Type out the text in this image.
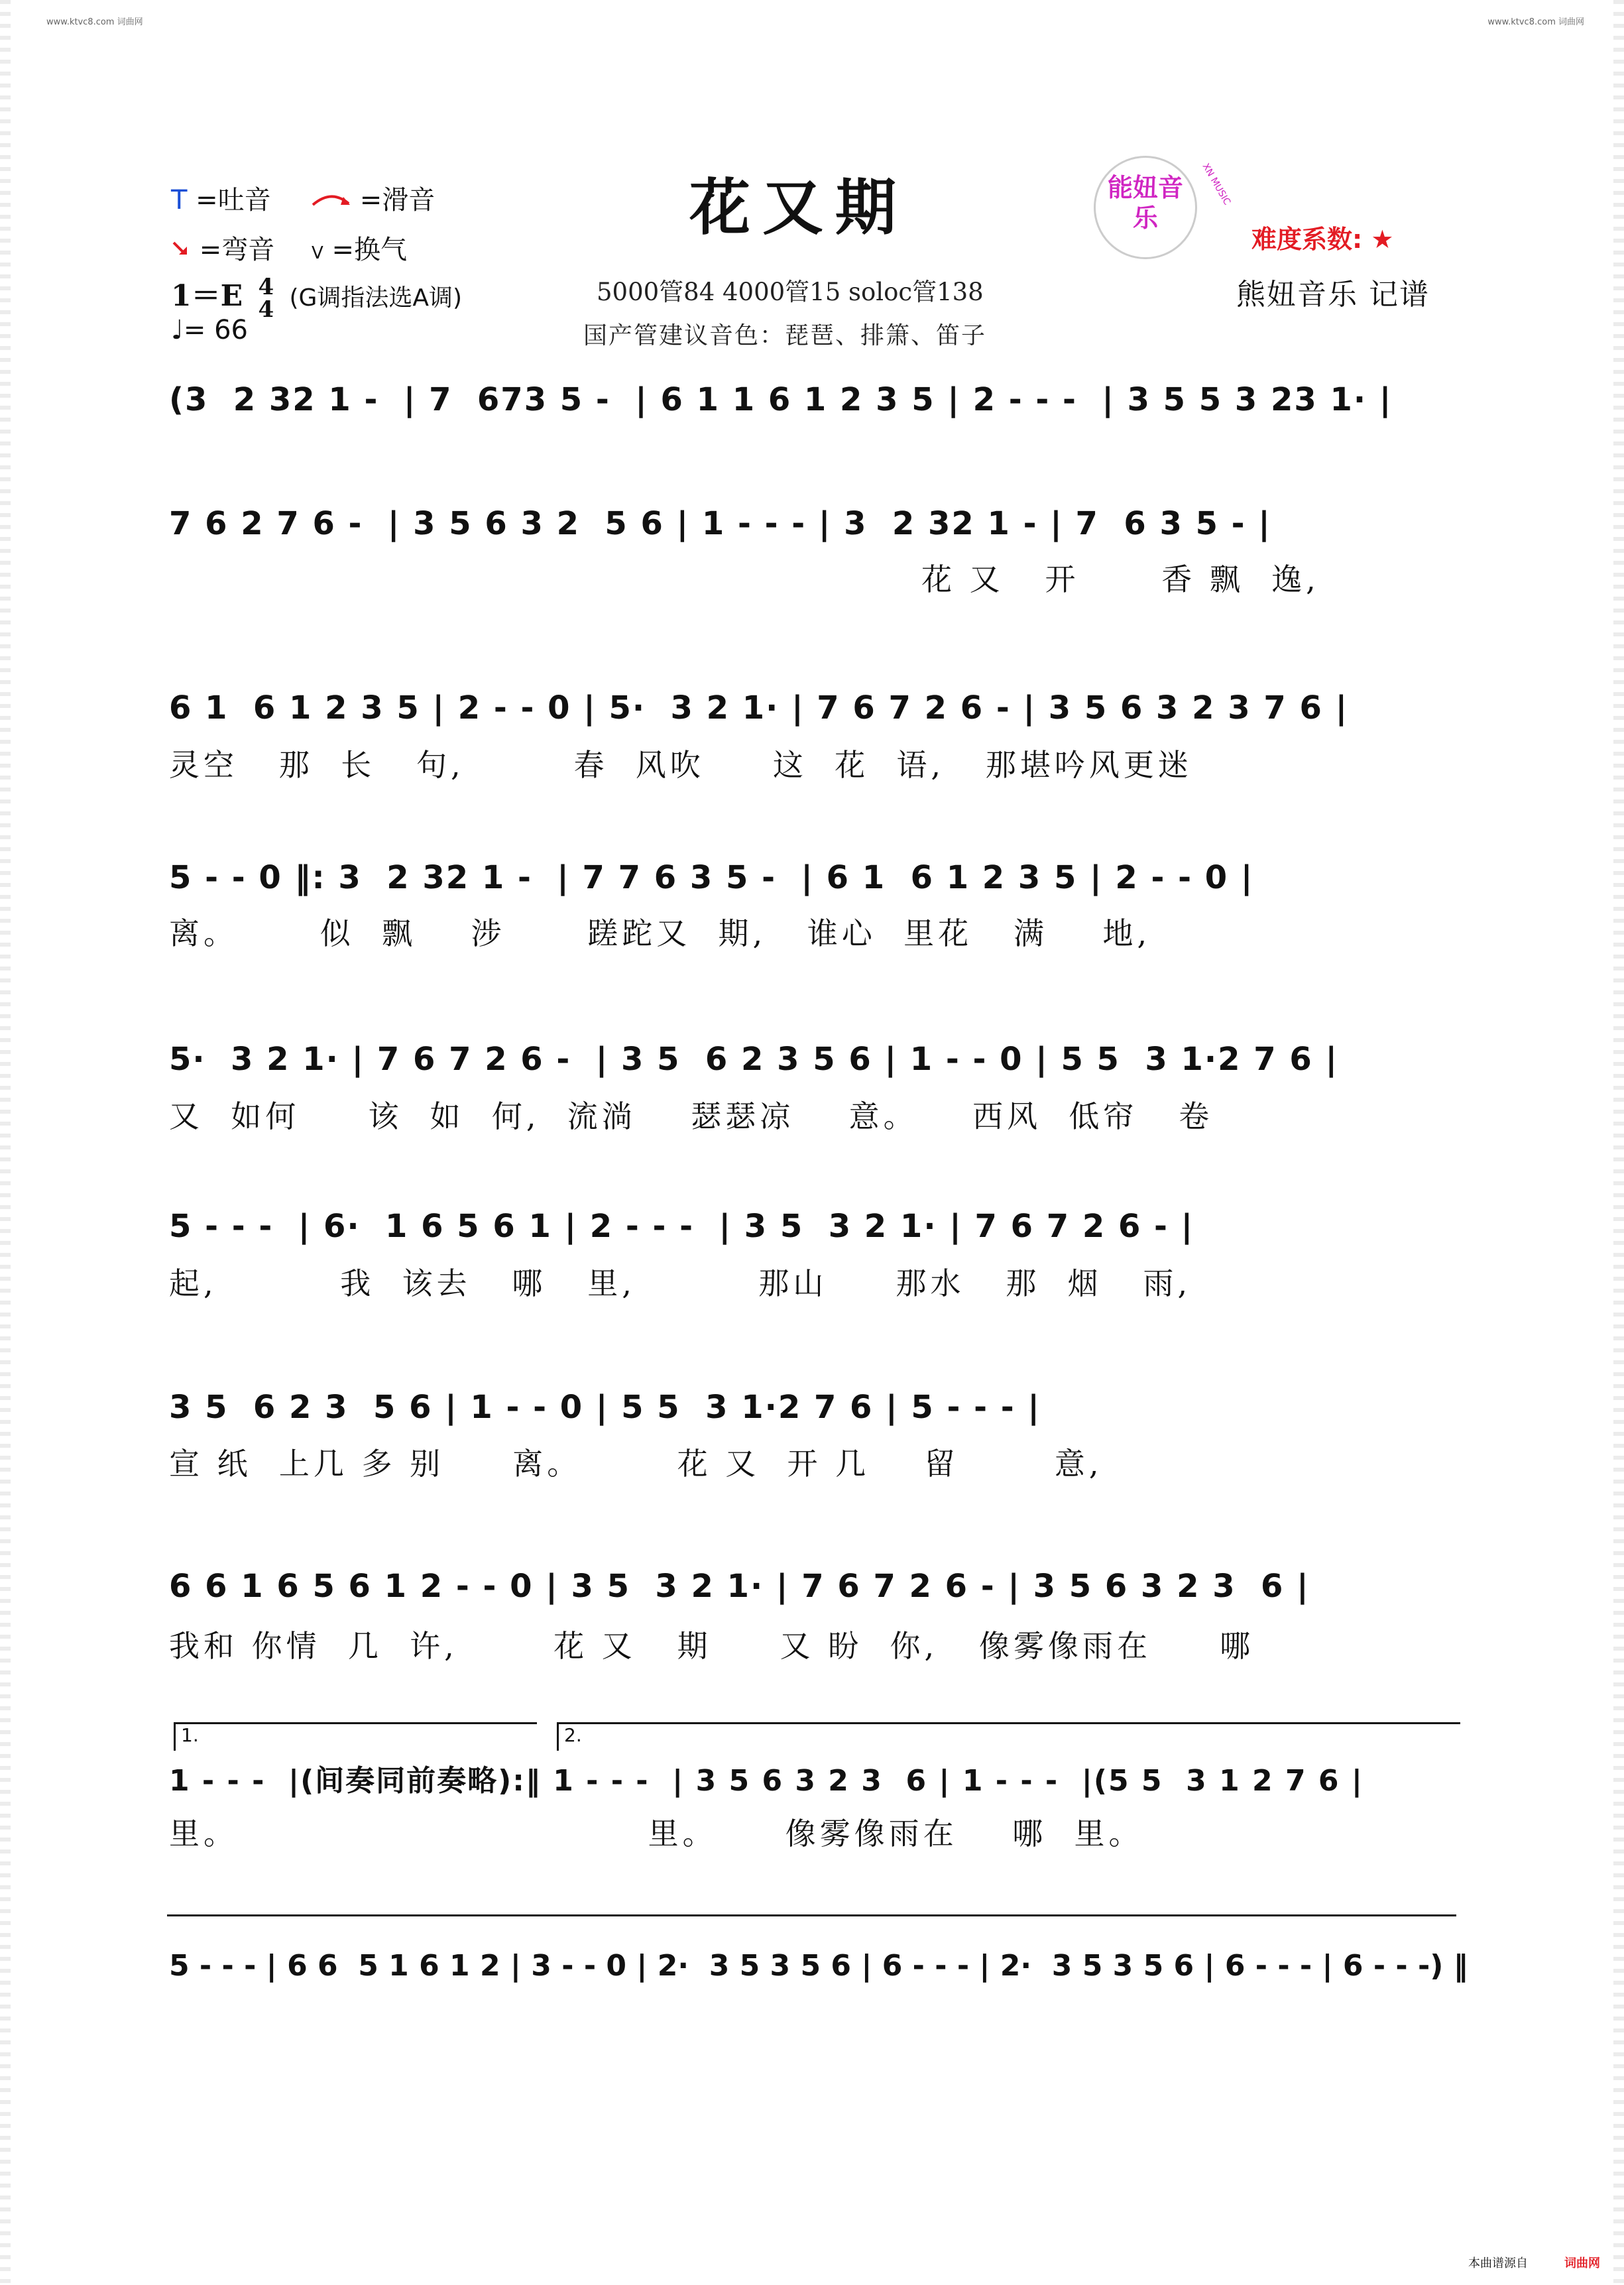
www.ktvc8.com 词曲网	www.ktvc8.com 词曲网
T =吐音	=滑音
=弯音 V =换气
花又期
1＝E 4
4 (G调指法选A调)
♩= 66
5000管84 4000管15 soloc管138
国产管建议音色：琵琶、排箫、笛子
能妞音乐
XN MUSIC
难度系数: ★
熊妞音乐 记谱
(3  2 32 1 -  | 7  673 5 -  | 6 1 1 6 1 2 3 5 | 2 - - -  | 3 5 5 3 23 1· |
7 6 2 7 6 -  | 3 5 6 3 2  5 6 | 1 - - - | 3  2 32 1 - | 7  6 3 5 - |
花 又   开      香 飘  逸,
6 1  6 1 2 3 5 | 2 - - 0 | 5·  3 2 1· | 7 6 7 2 6 - | 3 5 6 3 2 3 7 6 |
灵空   那  长   句,        春  风吹     这  花  语,   那堪吟风更迷
5 - - 0 ‖: 3  2 32 1 -  | 7 7 6 3 5 -  | 6 1  6 1 2 3 5 | 2 - - 0 |
离。      似  飘    涉      蹉跎又  期,   谁心  里花   满    地,
5·  3 2 1· | 7 6 7 2 6 -  | 3 5  6 2 3 5 6 | 1 - - 0 | 5 5  3 1·2 7 6 |
又  如何     该  如  何,  流淌    瑟瑟凉    意。    西风  低帘   卷
5 - - -  | 6·  1 6 5 6 1 | 2 - - -  | 3 5  3 2 1· | 7 6 7 2 6 - |
起,         我  该去   哪   里,         那山     那水   那  烟   雨,
3 5  6 2 3  5 6 | 1 - - 0 | 5 5  3 1·2 7 6 | 5 - - - |
宣 纸  上几 多 别     离。       花 又  开 几    留       意,
6 6 1 6 5 6 1 2 - - 0 | 3 5  3 2 1· | 7 6 7 2 6 - | 3 5 6 3 2 3  6 |
我和 你情  几  许,       花 又   期     又 盼  你,   像雾像雨在     哪
1.	2.
1 - - -  |(间奏同前奏略):‖ 1 - - -  | 3 5 6 3 2 3  6 | 1 - - -  |(5 5  3 1 2 7 6 |
里。                              里。     像雾像雨在    哪  里。
5 - - - | 6 6  5 1 6 1 2 | 3 - - 0 | 2·  3 5 3 5 6 | 6 - - - | 2·  3 5 3 5 6 | 6 - - - | 6 - - -) ‖
本曲谱源自	词曲网
